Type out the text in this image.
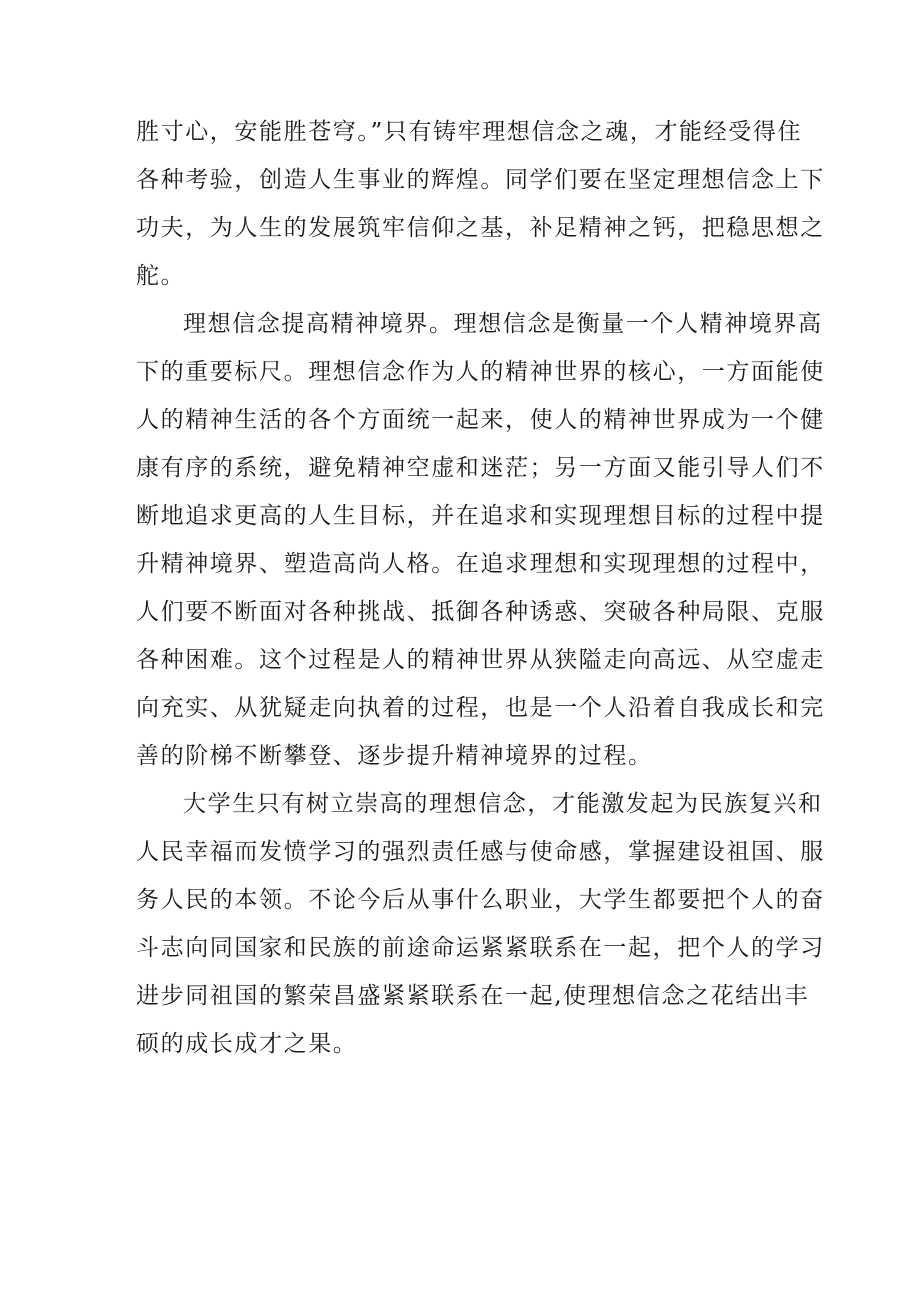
胜寸心，安能胜苍穹。”只有铸牢理想信念之魂，才能经受得住
各种考验，创造人生事业的辉煌。同学们要在坚定理想信念上下
功夫，为人生的发展筑牢信仰之基，补足精神之钙，把稳思想之
舵。
理想信念提高精神境界。理想信念是衡量一个人精神境界高
下的重要标尺。理想信念作为人的精神世界的核心，一方面能使
人的精神生活的各个方面统一起来，使人的精神世界成为一个健
康有序的系统，避免精神空虚和迷茫；另一方面又能引导人们不
断地追求更高的人生目标，并在追求和实现理想目标的过程中提
升精神境界、塑造高尚人格。在追求理想和实现理想的过程中，
人们要不断面对各种挑战、抵御各种诱惑、突破各种局限、克服
各种困难。这个过程是人的精神世界从狭隘走向高远、从空虚走
向充实、从犹疑走向执着的过程，也是一个人沿着自我成长和完
善的阶梯不断攀登、逐步提升精神境界的过程。
大学生只有树立崇高的理想信念，才能激发起为民族复兴和
人民幸福而发愤学习的强烈责任感与使命感，掌握建设祖国、服
务人民的本领。不论今后从事什么职业，大学生都要把个人的奋
斗志向同国家和民族的前途命运紧紧联系在一起，把个人的学习
进步同祖国的繁荣昌盛紧紧联系在一起,使理想信念之花结出丰
硕的成长成才之果。
